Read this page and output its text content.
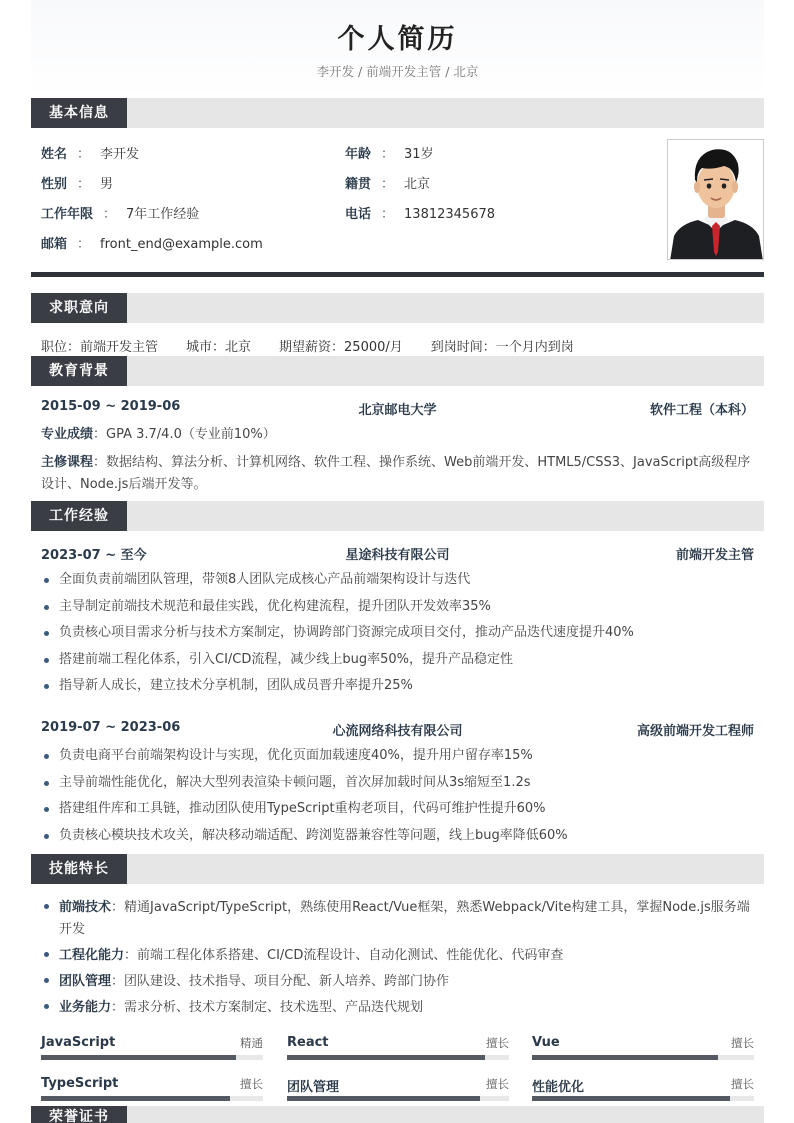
个人简历
李开发 / 前端开发主管 / 北京
基本信息
姓名 ： 李开发	年龄 ： 31岁
性别 ： 男	籍贯 ： 北京
工作年限 ： 7年工作经验	电话 ： 13812345678
邮箱 ： front_end@example.com
求职意向
职位：前端开发主管 城市：北京 期望薪资：25000/月 到岗时间：一个月内到岗
教育背景
2015-09 ~ 2019-06	北京邮电大学	软件工程（本科）
专业成绩：GPA 3.7/4.0（专业前10%）
主修课程：数据结构、算法分析、计算机网络、软件工程、操作系统、Web前端开发、HTML5/CSS3、JavaScript高级程序设计、Node.js后端开发等。
工作经验
2023-07 ~ 至今	星途科技有限公司	前端开发主管
全面负责前端团队管理，带领8人团队完成核心产品前端架构设计与迭代
主导制定前端技术规范和最佳实践，优化构建流程，提升团队开发效率35%
负责核心项目需求分析与技术方案制定，协调跨部门资源完成项目交付，推动产品迭代速度提升40%
搭建前端工程化体系，引入CI/CD流程，减少线上bug率50%，提升产品稳定性
指导新人成长，建立技术分享机制，团队成员晋升率提升25%
2019-07 ~ 2023-06	心流网络科技有限公司	高级前端开发工程师
负责电商平台前端架构设计与实现，优化页面加载速度40%，提升用户留存率15%
主导前端性能优化，解决大型列表渲染卡顿问题，首次屏加载时间从3s缩短至1.2s
搭建组件库和工具链，推动团队使用TypeScript重构老项目，代码可维护性提升60%
负责核心模块技术攻关，解决移动端适配、跨浏览器兼容性等问题，线上bug率降低60%
技能特长
前端技术：精通JavaScript/TypeScript，熟练使用React/Vue框架，熟悉Webpack/Vite构建工具，掌握Node.js服务端开发
工程化能力：前端工程化体系搭建、CI/CD流程设计、自动化测试、性能优化、代码审查
团队管理：团队建设、技术指导、项目分配、新人培养、跨部门协作
业务能力：需求分析、技术方案制定、技术选型、产品迭代规划
JavaScript	精通 React	擅长 Vue	擅长
TypeScript	擅长 团队管理	擅长 性能优化	擅长
荣誉证书
